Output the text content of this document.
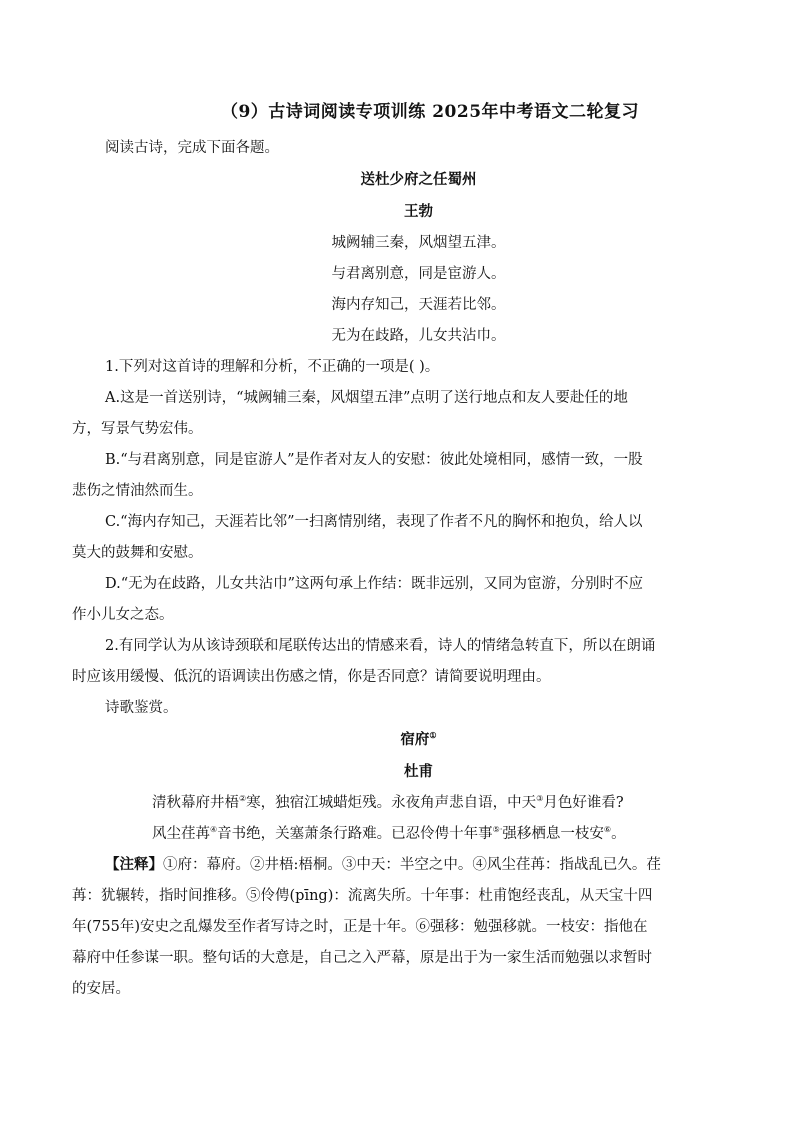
（9）古诗词阅读专项训练 2025年中考语文二轮复习
阅读古诗，完成下面各题。
送杜少府之任蜀州
王勃
城阙辅三秦，风烟望五津。
与君离别意，同是宦游人。
海内存知己，天涯若比邻。
无为在歧路，儿女共沾巾。
1.下列对这首诗的理解和分析，不正确的一项是( )。
A.这是一首送别诗，“城阙辅三秦，风烟望五津”点明了送行地点和友人要赴任的地
方，写景气势宏伟。
B.“与君离别意，同是宦游人”是作者对友人的安慰：彼此处境相同，感情一致，一股
悲伤之情油然而生。
C.“海内存知己，天涯若比邻”一扫离情别绪，表现了作者不凡的胸怀和抱负，给人以
莫大的鼓舞和安慰。
D.“无为在歧路，儿女共沾巾”这两句承上作结：既非远别，又同为宦游，分别时不应
作小儿女之态。
2.有同学认为从该诗颈联和尾联传达出的情感来看，诗人的情绪急转直下，所以在朗诵
时应该用缓慢、低沉的语调读出伤感之情，你是否同意？请简要说明理由。
诗歌鉴赏。
宿府①
杜甫
清秋幕府井梧②寒，独宿江城蜡炬残。永夜角声悲自语，中天③月色好谁看?
风尘荏苒④音书绝，关塞萧条行路难。已忍伶俜十年事⑤·强移栖息一枝安⑥。
【注释】①府：幕府。②井梧:梧桐。③中天：半空之中。④风尘荏苒：指战乱已久。荏
苒：犹辗转，指时间推移。⑤伶俜(pīng)：流离失所。十年事：杜甫饱经丧乱，从天宝十四
年(755年)安史之乱爆发至作者写诗之时，正是十年。⑥强移：勉强移就。一枝安：指他在
幕府中任参谋一职。整句话的大意是，自己之入严幕，原是出于为一家生活而勉强以求暂时
的安居。
